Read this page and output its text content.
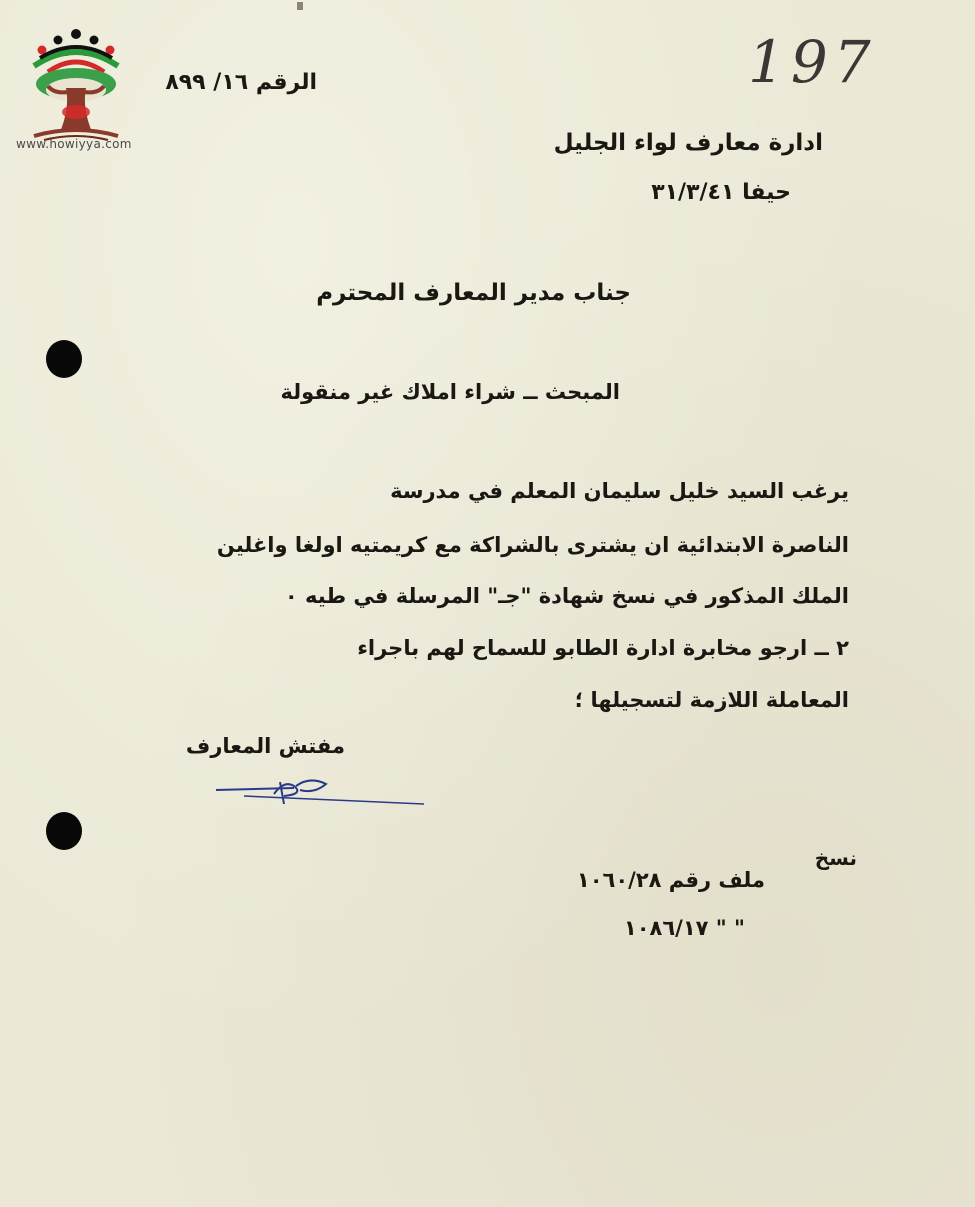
www.howiyya.com
197
الرقم ١٦/ ٨٩٩
ادارة معارف لواء الجليل
حيفا ٣١/٣/٤١
جناب مدير المعارف المحترم
المبحث ــ شراء املاك غير منقولة
يرغب السيد خليل سليمان المعلم في مدرسة
الناصرة الابتدائية ان يشترى بالشراكة مع كريمتيه اولغا واغلين
الملك المذكور في نسخ شهادة "جـ" المرسلة في طيه ٠
٢ ــ ارجو مخابرة ادارة الطابو للسماح لهم باجراء
المعاملة اللازمة لتسجيلها ؛
مفتش المعارف
نسخ
ملف رقم ١٠٦٠/٢٨
" " ١٠٨٦/١٧
